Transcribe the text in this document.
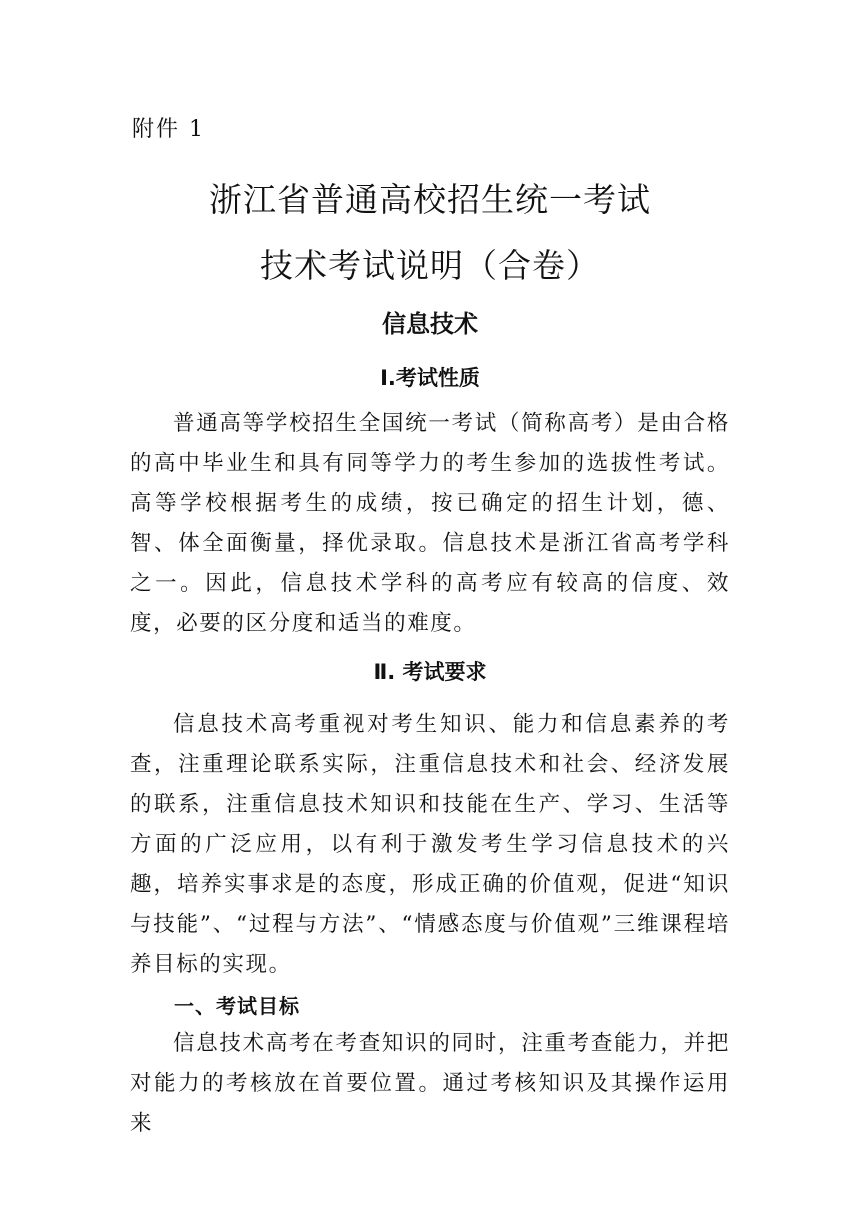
附件 1
浙江省普通高校招生统一考试
技术考试说明（合卷）
信息技术
Ⅰ.考试性质

普通高等学校招生全国统一考试（简称高考）是由合格的高中毕业生和具有同等学力的考生参加的选拔性考试。高等学校根据考生的成绩，按已确定的招生计划，德、智、体全面衡量，择优录取。信息技术是浙江省高考学科之一。因此，信息技术学科的高考应有较高的信度、效度，必要的区分度和适当的难度。

Ⅱ. 考试要求

信息技术高考重视对考生知识、能力和信息素养的考查，注重理论联系实际，注重信息技术和社会、经济发展的联系，注重信息技术知识和技能在生产、学习、生活等方面的广泛应用，以有利于激发考生学习信息技术的兴趣，培养实事求是的态度，形成正确的价值观，促进“知识与技能”、“过程与方法”、“情感态度与价值观”三维课程培养目标的实现。

一、考试目标

信息技术高考在考查知识的同时，注重考查能力，并把对能力的考核放在首要位置。通过考核知识及其操作运用来
